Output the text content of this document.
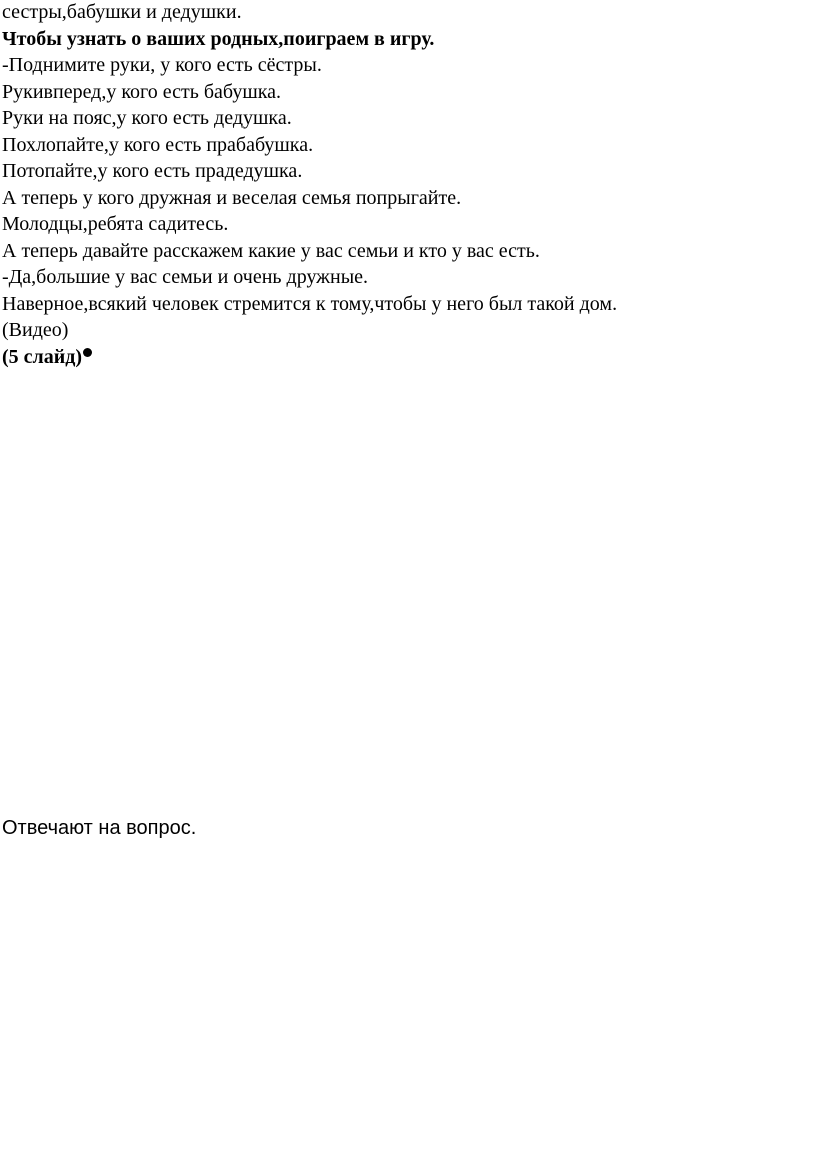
сестры,бабушки и дедушки.
Чтобы узнать о ваших родных,поиграем в игру.
-Поднимите руки, у кого есть сёстры.
Рукивперед,у кого есть бабушка.
Руки на пояс,у кого есть дедушка.
Похлопайте,у кого есть прабабушка.
Потопайте,у кого есть прадедушка.
А теперь у кого дружная и веселая семья попрыгайте.
Молодцы,ребята садитесь.
А теперь давайте расскажем какие у вас семьи и кто у вас есть.
-Да,большие у вас семьи и очень дружные.
Наверное,всякий человек стремится к тому,чтобы у него был такой дом.
(Видео)
(5 слайд)
Отвечают на вопрос.
